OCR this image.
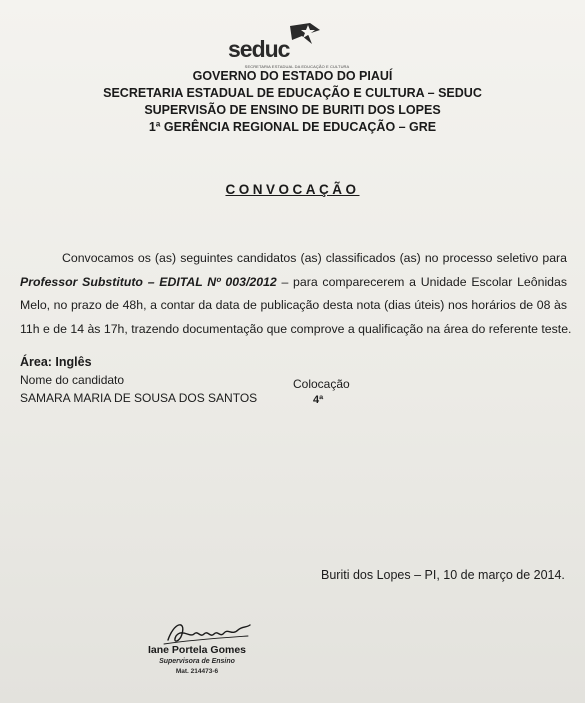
seduc
SECRETARIA ESTADUAL DA EDUCAÇÃO E CULTURA
GOVERNO DO ESTADO DO PIAUÍ
SECRETARIA ESTADUAL DE EDUCAÇÃO E CULTURA – SEDUC
SUPERVISÃO DE ENSINO DE BURITI DOS LOPES
1ª GERÊNCIA REGIONAL DE EDUCAÇÃO – GRE
CONVOCAÇÃO
Convocamos os (as) seguintes candidatos (as) classificados (as) no processo seletivo para
Professor Substituto – EDITAL Nº 003/2012 – para comparecerem a Unidade Escolar Leônidas
Melo, no prazo de 48h, a contar da data de publicação desta nota (dias úteis) nos horários de 08 às
11h e de 14 às 17h, trazendo documentação que comprove a qualificação na área do referente teste.
Área: Inglês
Nome do candidato	Colocação
SAMARA MARIA DE SOUSA DOS SANTOS	4ª
Buriti dos Lopes – PI, 10 de março de 2014.
Iane Portela Gomes
Supervisora de Ensino
Mat. 214473-6
